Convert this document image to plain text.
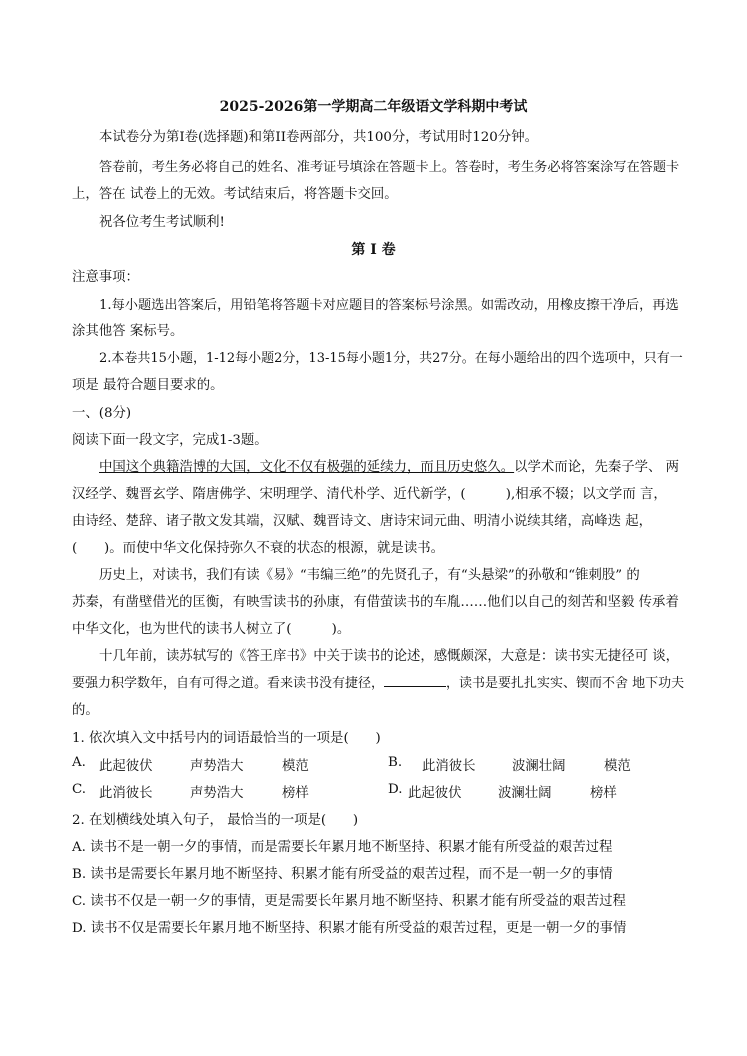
2025-2026第一学期高二年级语文学科期中考试
本试卷分为第I卷(选择题)和第II卷两部分，共100分，考试用时120分钟。
答卷前，考生务必将自己的姓名、准考证号填涂在答题卡上。答卷时，考生务必将答案涂写在答题卡
上，答在 试卷上的无效。考试结束后，将答题卡交回。
祝各位考生考试顺利!
第 I 卷
注意事项：
1.每小题选出答案后，用铅笔将答题卡对应题目的答案标号涂黑。如需改动，用橡皮擦干净后，再选
涂其他答 案标号。
2.本卷共15小题，1-12每小题2分，13-15每小题1分，共27分。在每小题给出的四个选项中，只有一
项是 最符合题目要求的。
一、(8分)
阅读下面一段文字，完成1-3题。
中国这个典籍浩博的大国，文化不仅有极强的延续力，而且历史悠久。以学术而论，先秦子学、 两
汉经学、魏晋玄学、隋唐佛学、宋明理学、清代朴学、近代新学，(　　　),相承不辍；以文学而 言，
由诗经、楚辞、诸子散文发其端，汉赋、魏晋诗文、唐诗宋词元曲、明清小说续其绪，高峰迭 起，
(　　)。而使中华文化保持弥久不衰的状态的根源，就是读书。
历史上，对读书，我们有读《易》“韦编三绝”的先贤孔子，有“头悬梁”的孙敬和“锥刺股” 的
苏秦，有凿壁借光的匡衡，有映雪读书的孙康，有借萤读书的车胤……他们以自己的刻苦和坚毅 传承着
中华文化，也为世代的读书人树立了(　　　)。
十几年前，读苏轼写的《答王庠书》中关于读书的论述，感慨颇深，大意是：读书实无捷径可 谈，
要强力积学数年，自有可得之道。看来读书没有捷径，	，读书是要扎扎实实、锲而不舍 地下功夫
的。
1. 依次填入文中括号内的词语最恰当的一项是(　　)
A. 此起彼伏	声势浩大	模范	B. 此消彼长	波澜壮阔	模范
C. 此消彼长	声势浩大	榜样	D. 此起彼伏	波澜壮阔	榜样
2. 在划横线处填入句子， 最恰当的一项是(　　)
A. 读书不是一朝一夕的事情，而是需要长年累月地不断坚持、积累才能有所受益的艰苦过程
B. 读书是需要长年累月地不断坚持、积累才能有所受益的艰苦过程，而不是一朝一夕的事情
C. 读书不仅是一朝一夕的事情，更是需要长年累月地不断坚持、积累才能有所受益的艰苦过程
D. 读书不仅是需要长年累月地不断坚持、积累才能有所受益的艰苦过程，更是一朝一夕的事情
